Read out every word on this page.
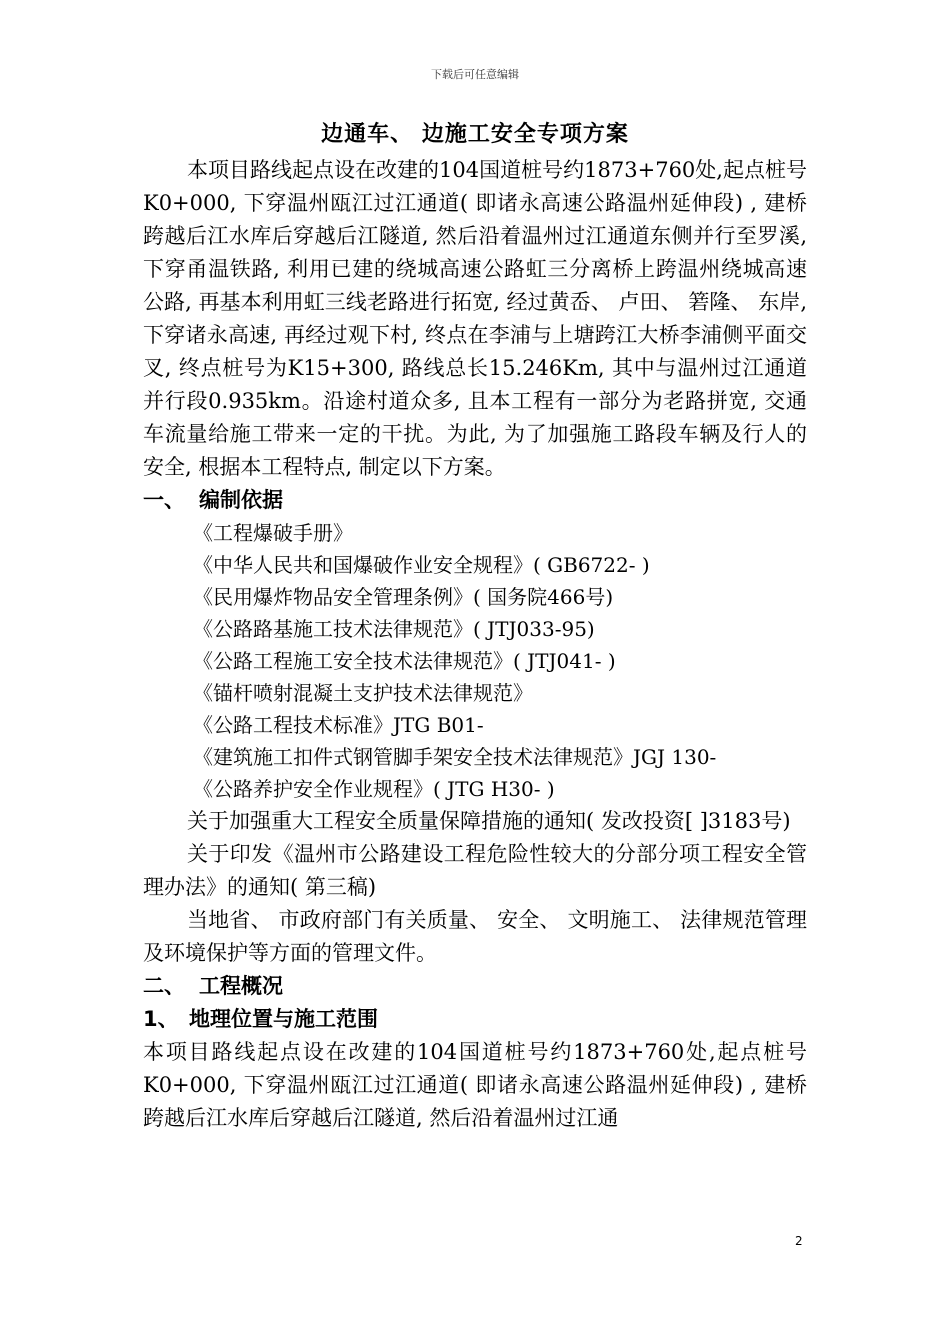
下载后可任意编辑
边通车、 边施工安全专项方案

本项目路线起点设在改建的104国道桩号约1873+760处,起点桩号K0+000, 下穿温州瓯江过江通道( 即诸永高速公路温州延伸段) , 建桥跨越后江水库后穿越后江隧道, 然后沿着温州过江通道东侧并行至罗溪, 下穿甬温铁路, 利用已建的绕城高速公路虹三分离桥上跨温州绕城高速公路, 再基本利用虹三线老路进行拓宽, 经过黄岙、 卢田、 箬隆、 东岸, 下穿诸永高速, 再经过观下村, 终点在李浦与上塘跨江大桥李浦侧平面交叉, 终点桩号为K15+300, 路线总长15.246Km, 其中与温州过江通道并行段0.935km。沿途村道众多, 且本工程有一部分为老路拼宽, 交通车流量给施工带来一定的干扰。为此, 为了加强施工路段车辆及行人的安全, 根据本工程特点, 制定以下方案。

一、 编制依据

《工程爆破手册》

《中华人民共和国爆破作业安全规程》( GB6722- )

《民用爆炸物品安全管理条例》( 国务院466号)

《公路路基施工技术法律规范》( JTJ033-95)

《公路工程施工安全技术法律规范》( JTJ041- )

《锚杆喷射混凝土支护技术法律规范》

《公路工程技术标准》JTG B01-

《建筑施工扣件式钢管脚手架安全技术法律规范》JGJ 130-

《公路养护安全作业规程》( JTG H30- )

关于加强重大工程安全质量保障措施的通知( 发改投资[ ]3183号)

关于印发《温州市公路建设工程危险性较大的分部分项工程安全管理办法》的通知( 第三稿)

当地省、 市政府部门有关质量、 安全、 文明施工、 法律规范管理及环境保护等方面的管理文件。

二、 工程概况
1、 地理位置与施工范围

本项目路线起点设在改建的104国道桩号约1873+760处,起点桩号K0+000, 下穿温州瓯江过江通道( 即诸永高速公路温州延伸段) , 建桥跨越后江水库后穿越后江隧道, 然后沿着温州过江通

2
